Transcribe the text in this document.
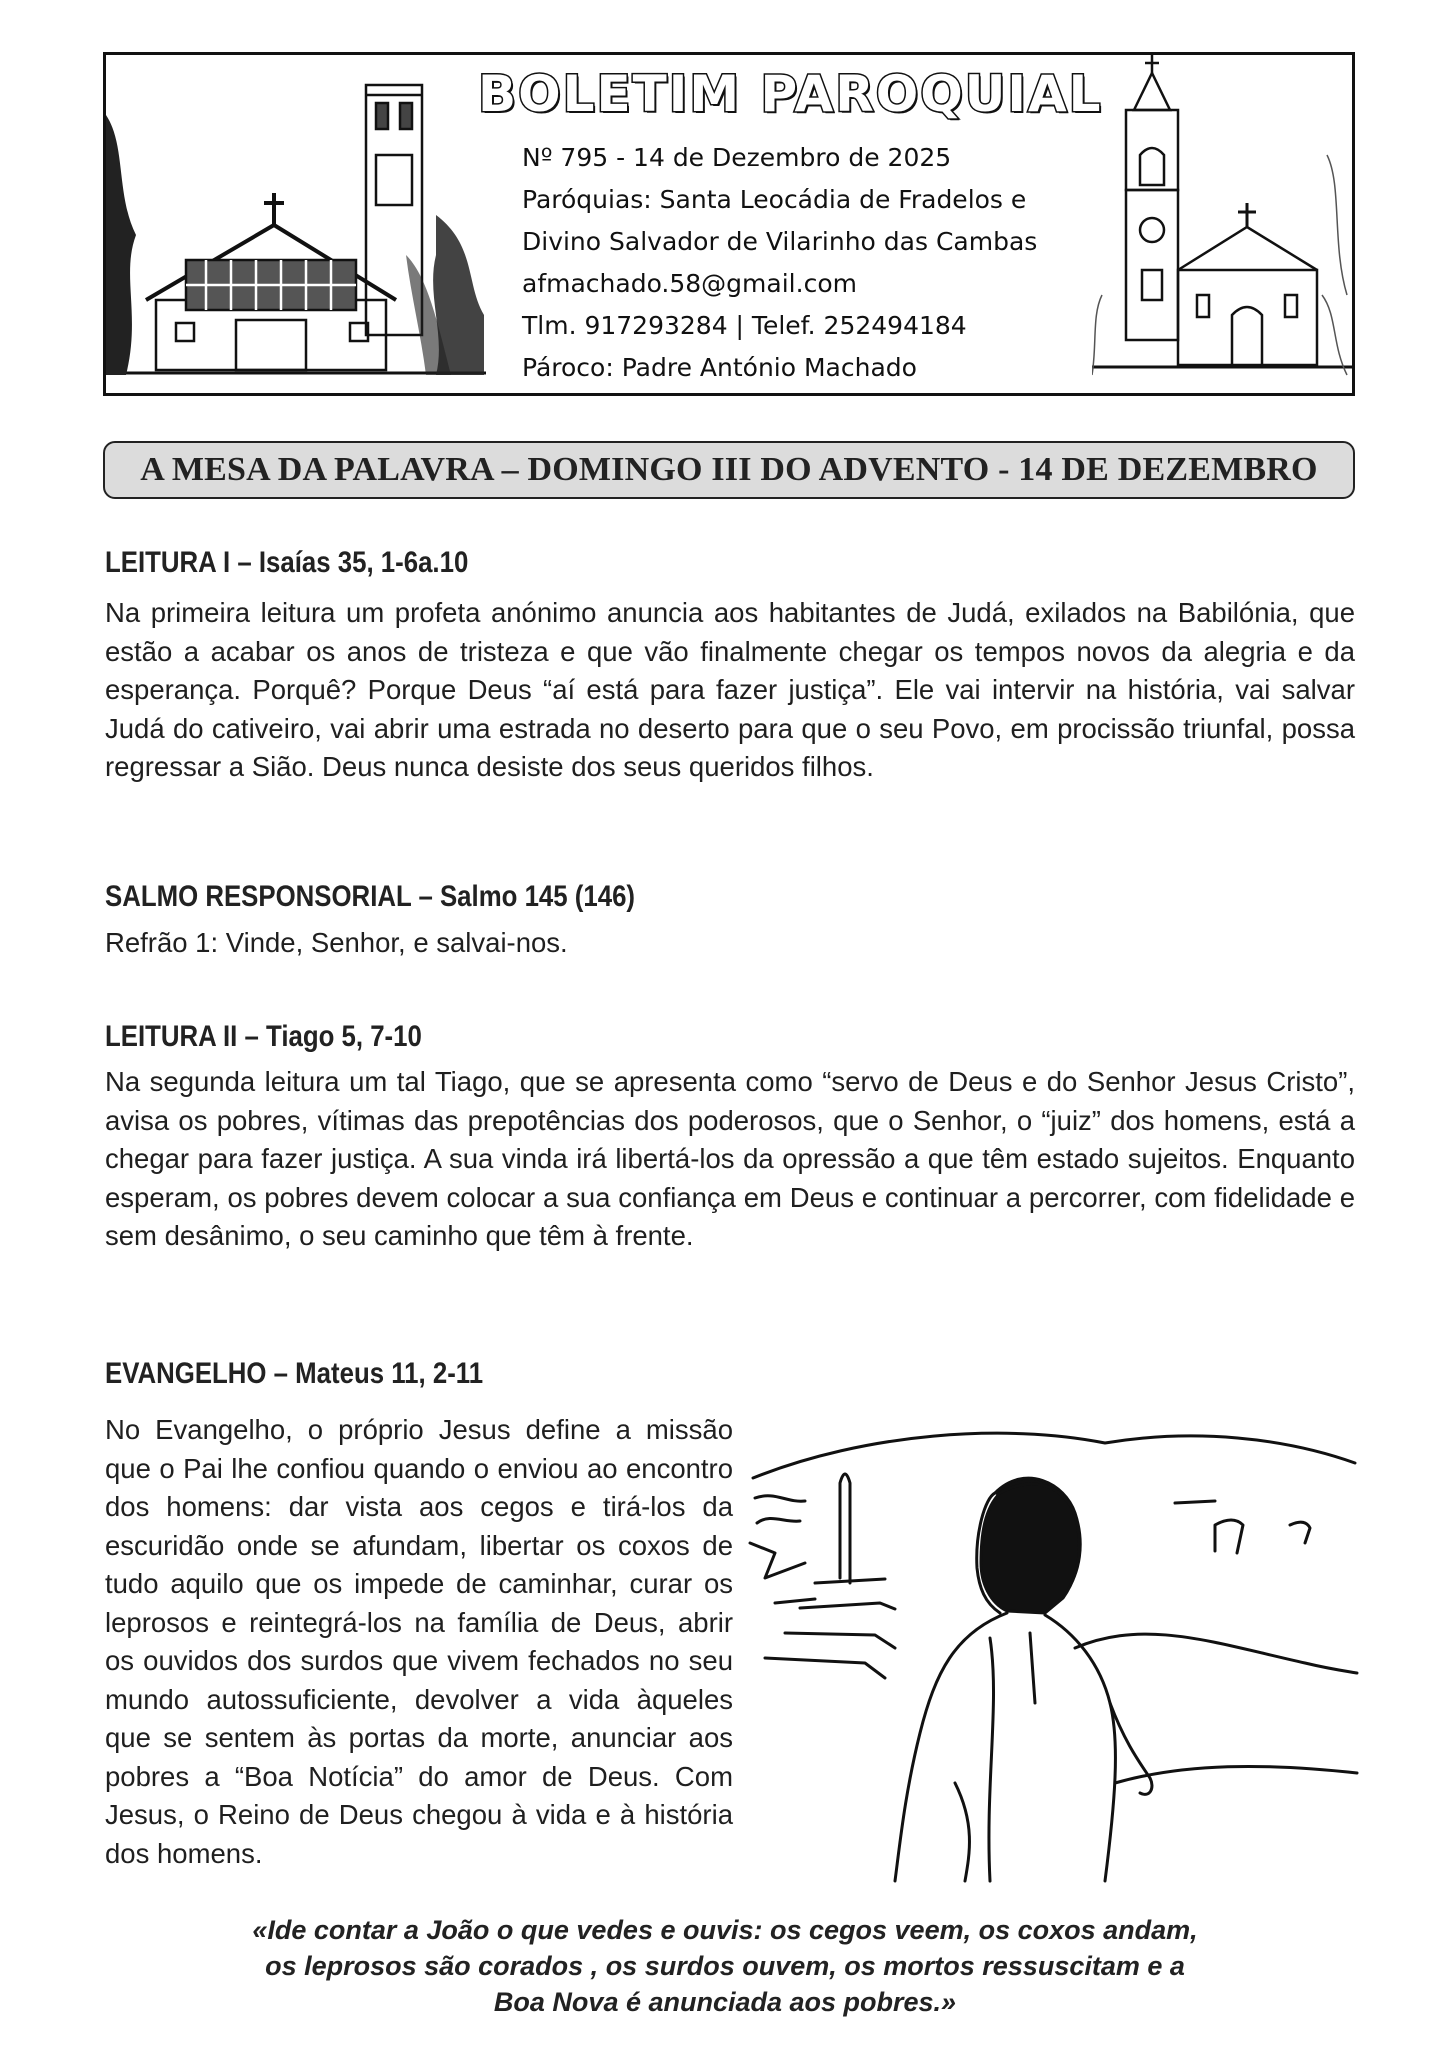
BOLETIM PAROQUIAL
Nº 795 - 14 de Dezembro de 2025
Paróquias: Santa Leocádia de Fradelos e
Divino Salvador de Vilarinho das Cambas
afmachado.58@gmail.com
Tlm. 917293284 | Telef. 252494184
Pároco: Padre António Machado
A MESA DA PALAVRA – DOMINGO III DO ADVENTO - 14 DE DEZEMBRO
LEITURA I – Isaías 35, 1-6a.10
Na primeira leitura um profeta anónimo anuncia aos habitantes de Judá, exilados na Babilónia, que estão a acabar os anos de tristeza e que vão finalmente chegar os tempos novos da alegria e da esperança. Porquê? Porque Deus “aí está para fazer justiça”. Ele vai intervir na história, vai salvar Judá do cativeiro, vai abrir uma estrada no deserto para que o seu Povo, em procissão triunfal, possa regressar a Sião. Deus nunca desiste dos seus queridos filhos.
SALMO RESPONSORIAL – Salmo 145 (146)
Refrão 1: Vinde, Senhor, e salvai-nos.
LEITURA II – Tiago 5, 7-10
Na segunda leitura um tal Tiago, que se apresenta como “servo de Deus e do Senhor Jesus Cristo”, avisa os pobres, vítimas das prepotências dos poderosos, que o Senhor, o “juiz” dos homens, está a chegar para fazer justiça. A sua vinda irá libertá-los da opressão a que têm estado sujeitos. Enquanto esperam, os pobres devem colocar a sua confiança em Deus e continuar a percorrer, com fidelidade e sem desânimo, o seu caminho que têm à frente.
EVANGELHO – Mateus 11, 2-11
No Evangelho, o próprio Jesus define a missão que o Pai lhe confiou quando o enviou ao encontro dos homens: dar vista aos cegos e tirá-los da escuridão onde se afundam, libertar os coxos de tudo aquilo que os impede de caminhar, curar os leprosos e reintegrá-los na família de Deus, abrir os ouvidos dos surdos que vivem fechados no seu mundo autossuficiente, devolver a vida àqueles que se sentem às portas da morte, anunciar aos pobres a “Boa Notícia” do amor de Deus. Com Jesus, o Reino de Deus chegou à vida e à história dos homens.
«Ide contar a João o que vedes e ouvis: os cegos veem, os coxos andam,
os leprosos são corados , os surdos ouvem, os mortos ressuscitam e a
Boa Nova é anunciada aos pobres.»
